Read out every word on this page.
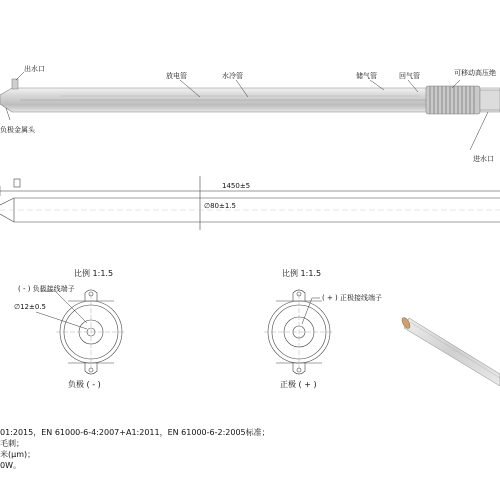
出水口
放电管	水冷管	储气管	回气管	可移动高压绝
负极金属头
进水口
1450±5
∅80±1.5
比例 1:1.5
( - ) 负极接线端子
∅12±0.5
负极 ( - )
比例 1:1.5
( + ) 正极接线端子
正极 ( + )
01:2015，EN 61000-6-4:2007+A1:2011，EN 61000-6-2:2005标准；
毛刺；
米(μm)；
0W。
